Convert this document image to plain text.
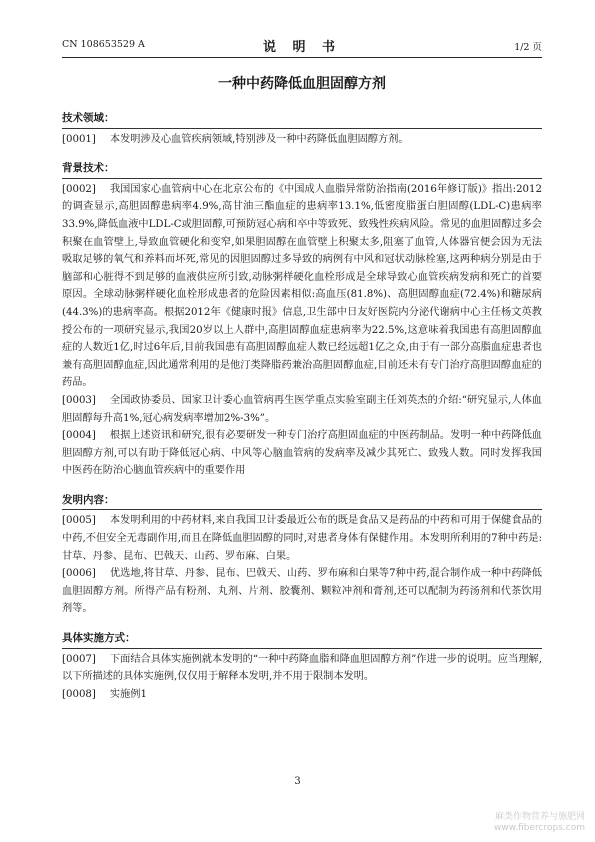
CN 108653529 A	说 明 书	1/2 页
一种中药降低血胆固醇方剂

技术领域：

[0001] 本发明涉及心血管疾病领域,特别涉及一种中药降低血胆固醇方剂。

背景技术：

[0002] 我国国家心血管病中心在北京公布的《中国成人血脂异常防治指南(2016年修订版)》指出:2012的调查显示,高胆固醇患病率4.9%,高甘油三酯血症的患病率13.1%,低密度脂蛋白胆固醇(LDL-C)患病率33.9%,降低血液中LDL-C或胆固醇,可预防冠心病和卒中等致死、致残性疾病风险。常见的血胆固醇过多会积聚在血管壁上,导致血管硬化和变窄,如果胆固醇在血管壁上积聚太多,阻塞了血管,人体器官便会因为无法吸取足够的氧气和养料而坏死,常见的因胆固醇过多导致的病例有中风和冠状动脉栓塞,这两种病分别是由于脑部和心脏得不到足够的血液供应所引致,动脉粥样硬化血栓形成是全球导致心血管疾病发病和死亡的首要原因。全球动脉粥样硬化血栓形成患者的危险因素相似:高血压(81.8%)、高胆固醇血症(72.4%)和糖尿病(44.3%)的患病率高。根据2012年《健康时报》信息,卫生部中日友好医院内分泌代谢病中心主任杨文英教授公布的一项研究显示,我国20岁以上人群中,高胆固醇血症患病率为22.5%,这意味着我国患有高胆固醇血症的人数近1亿,时过6年后,目前我国患有高胆固醇血症人数已经远超1亿之众,由于有一部分高脂血症患者也兼有高胆固醇血症,因此通常利用的是他汀类降脂药兼治高胆固醇血症,目前还未有专门治疗高胆固醇血症的药品。

[0003] 全国政协委员、国家卫计委心血管病再生医学重点实验室副主任刘英杰的介绍:“研究显示,人体血胆固醇每升高1%,冠心病发病率增加2%-3%”。

[0004] 根据上述资讯和研究,很有必要研发一种专门治疗高胆固血症的中医药制品。发明一种中药降低血胆固醇方剂,可以有助于降低冠心病、中风等心脑血管病的发病率及减少其死亡、致残人数。同时发挥我国中医药在防治心脑血管疾病中的重要作用

发明内容：

[0005] 本发明利用的中药材料,来自我国卫计委最近公布的既是食品又是药品的中药和可用于保健食品的中药,不但安全无毒副作用,而且在降低血胆固醇的同时,对患者身体有保健作用。本发明所利用的7种中药是:甘草、丹参、昆布、巴戟天、山药、罗布麻、白果。

[0006] 优选地,将甘草、丹参、昆布、巴戟天、山药、罗布麻和白果等7种中药,混合制作成一种中药降低血胆固醇方剂。所得产品有粉剂、丸剂、片剂、胶囊剂、颗粒冲剂和膏剂,还可以配制为药汤剂和代茶饮用剂等。

具体实施方式：

[0007] 下面结合具体实施例就本发明的“一种中药降血脂和降血胆固醇方剂”作进一步的说明。应当理解,以下所描述的具体实施例,仅仅用于解释本发明,并不用于限制本发明。

[0008] 实施例1

3
麻类作物营养与施肥网
www.fibercrops.com
